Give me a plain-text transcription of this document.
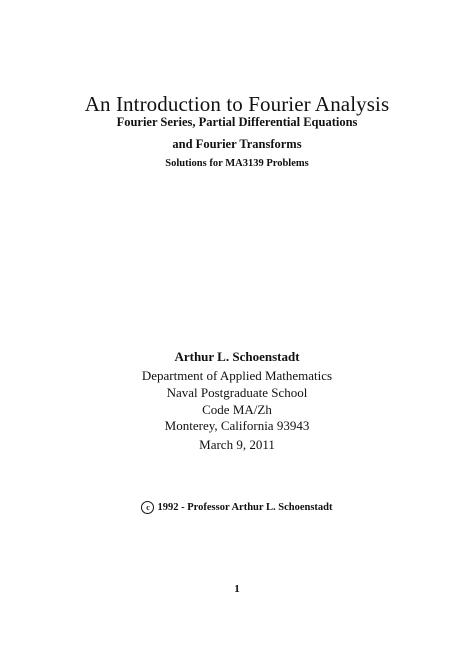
An Introduction to Fourier Analysis
Fourier Series, Partial Differential Equations
and Fourier Transforms
Solutions for MA3139 Problems
Arthur L. Schoenstadt
Department of Applied Mathematics
Naval Postgraduate School
Code MA/Zh
Monterey, California 93943
March 9, 2011
c 1992 - Professor Arthur L. Schoenstadt
1
